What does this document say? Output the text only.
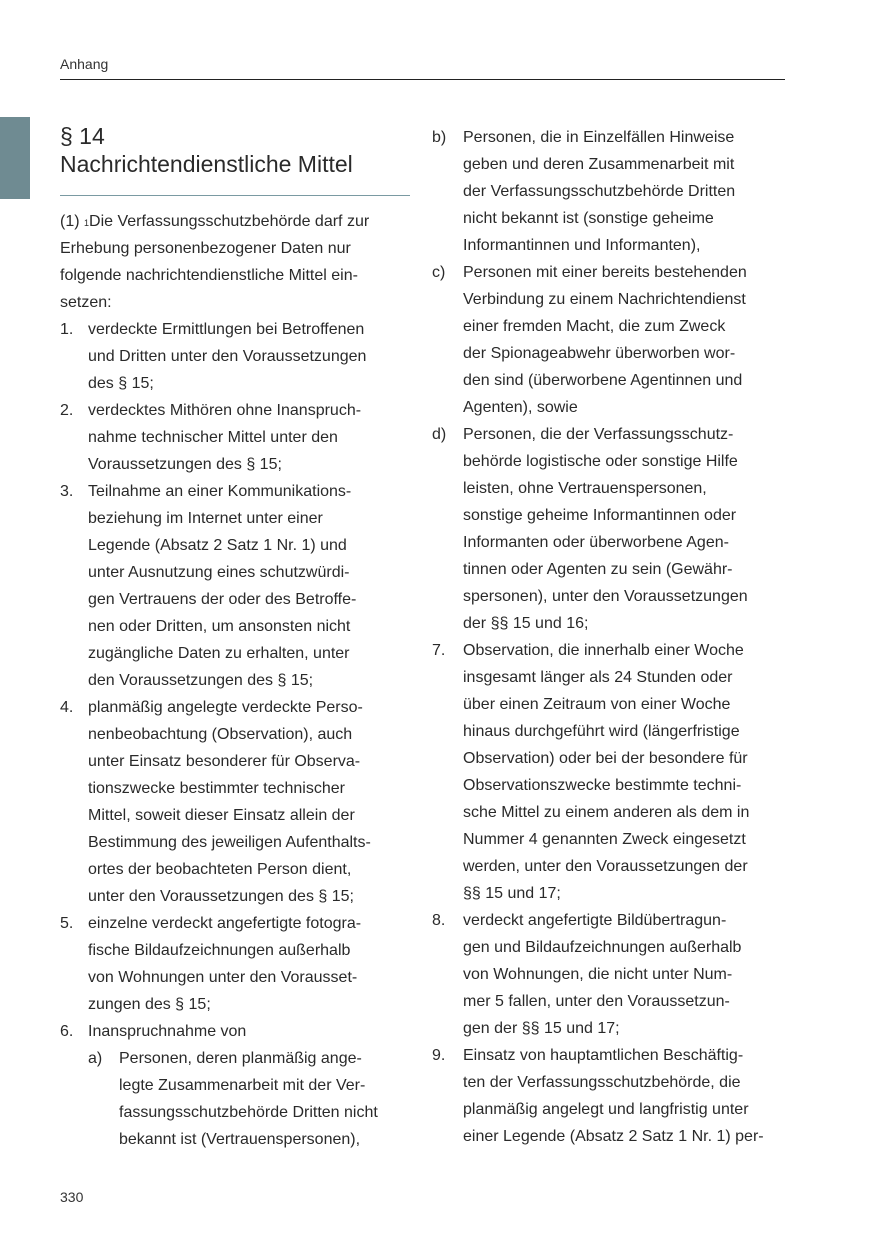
Anhang
§ 14
Nachrichtendienstliche Mittel

(1) $^1$Die Verfassungsschutzbehörde darf zur
Erhebung personenbezogener Daten nur
folgende nachrichtendienstliche Mittel ein-
setzen:

1. verdeckte Ermittlungen bei Betroffenen
und Dritten unter den Voraussetzungen
des § 15;
2. verdecktes Mithören ohne Inanspruch-
nahme technischer Mittel unter den
Voraussetzungen des § 15;
3. Teilnahme an einer Kommunikations-
beziehung im Internet unter einer
Legende (Absatz 2 Satz 1 Nr. 1) und
unter Ausnutzung eines schutzwürdi-
gen Vertrauens der oder des Betroffe-
nen oder Dritten, um ansonsten nicht
zugängliche Daten zu erhalten, unter
den Voraussetzungen des § 15;
4. planmäßig angelegte verdeckte Perso-
nenbeobachtung (Observation), auch
unter Einsatz besonderer für Observa-
tionszwecke bestimmter technischer
Mittel, soweit dieser Einsatz allein der
Bestimmung des jeweiligen Aufenthalts-
ortes der beobachteten Person dient,
unter den Voraussetzungen des § 15;
5. einzelne verdeckt angefertigte fotogra-
fische Bildaufzeichnungen außerhalb
von Wohnungen unter den Vorausset-
zungen des § 15;
6. Inanspruchnahme von
a)	Personen, deren planmäßig ange-
legte Zusammenarbeit mit der Ver-
fassungsschutzbehörde Dritten nicht
bekannt ist (Vertrauenspersonen),
b)	Personen, die in Einzelfällen Hinweise
geben und deren Zusammenarbeit mit
der Verfassungsschutzbehörde Dritten
nicht bekannt ist (sonstige geheime
Informantinnen und Informanten),
c)	Personen mit einer bereits bestehenden
Verbindung zu einem Nachrichtendienst
einer fremden Macht, die zum Zweck
der Spionageabwehr überworben wor-
den sind (überworbene Agentinnen und
Agenten), sowie
d)	Personen, die der Verfassungsschutz-
behörde logistische oder sonstige Hilfe
leisten, ohne Vertrauenspersonen,
sonstige geheime Informantinnen oder
Informanten oder überworbene Agen-
tinnen oder Agenten zu sein (Gewähr-
spersonen), unter den Voraussetzungen
der §§ 15 und 16;
7.	Observation, die innerhalb einer Woche
insgesamt länger als 24 Stunden oder
über einen Zeitraum von einer Woche
hinaus durchgeführt wird (längerfristige
Observation) oder bei der besondere für
Observationszwecke bestimmte techni-
sche Mittel zu einem anderen als dem in
Nummer 4 genannten Zweck eingesetzt
werden, unter den Voraussetzungen der
§§ 15 und 17;
8.	verdeckt angefertigte Bildübertragun-
gen und Bildaufzeichnungen außerhalb
von Wohnungen, die nicht unter Num-
mer 5 fallen, unter den Voraussetzun-
gen der §§ 15 und 17;
9.	Einsatz von hauptamtlichen Beschäftig-
ten der Verfassungsschutzbehörde, die
planmäßig angelegt und langfristig unter
einer Legende (Absatz 2 Satz 1 Nr. 1) per-
330
